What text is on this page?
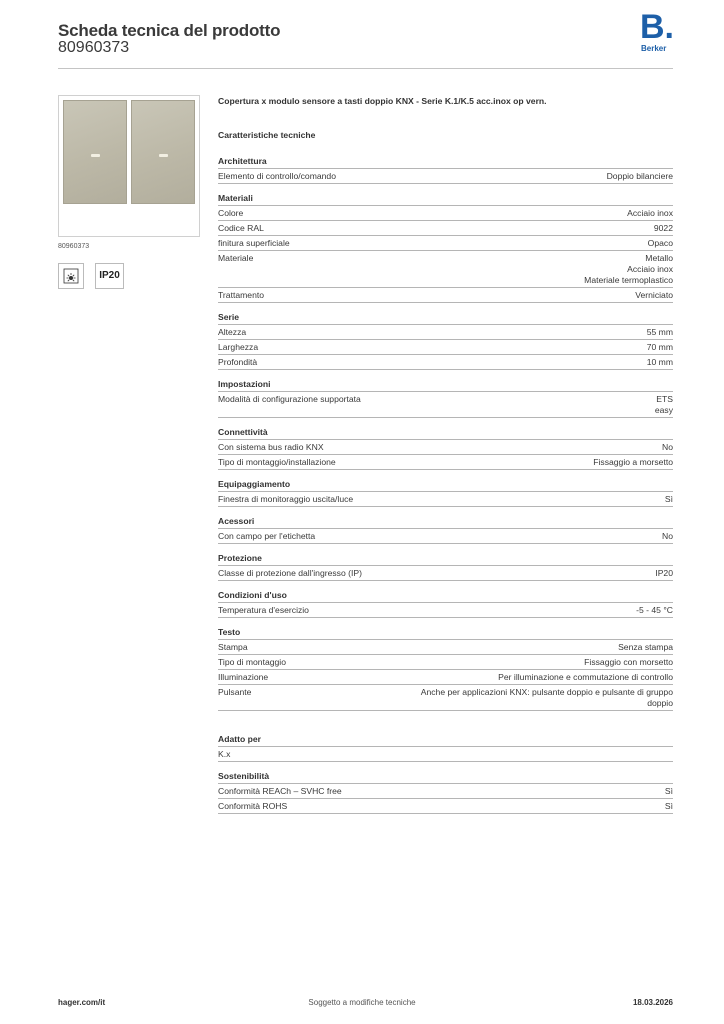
Scheda tecnica del prodotto
80960373
B.
Berker
80960373
IP20
Copertura x modulo sensore a tasti doppio KNX - Serie K.1/K.5 acc.inox op vern.
Caratteristiche tecniche
Architettura
Elemento di controllo/comando	Doppio bilanciere
Materiali
Colore	Acciaio inox
Codice RAL	9022
finitura superficiale	Opaco
Materiale	Metallo
Acciaio inox
Materiale termoplastico
Trattamento	Verniciato
Serie
Altezza	55 mm
Larghezza	70 mm
Profondità	10 mm
Impostazioni
Modalità di configurazione supportata	ETS
easy
Connettività
Con sistema bus radio KNX	No
Tipo di montaggio/installazione	Fissaggio a morsetto
Equipaggiamento
Finestra di monitoraggio uscita/luce	Sì
Acessori
Con campo per l'etichetta	No
Protezione
Classe di protezione dall'ingresso (IP)	IP20
Condizioni d'uso
Temperatura d'esercizio	-5 - 45 °C
Testo
Stampa	Senza stampa
Tipo di montaggio	Fissaggio con morsetto
Illuminazione	Per illuminazione e commutazione di controllo
Pulsante	Anche per applicazioni KNX: pulsante doppio e pulsante di gruppo
doppio
Adatto per
K.x
Sostenibilità
Conformità REACh – SVHC free	Sì
Conformità ROHS	Sì
hager.com/it	Soggetto a modifiche tecniche	18.03.2026
